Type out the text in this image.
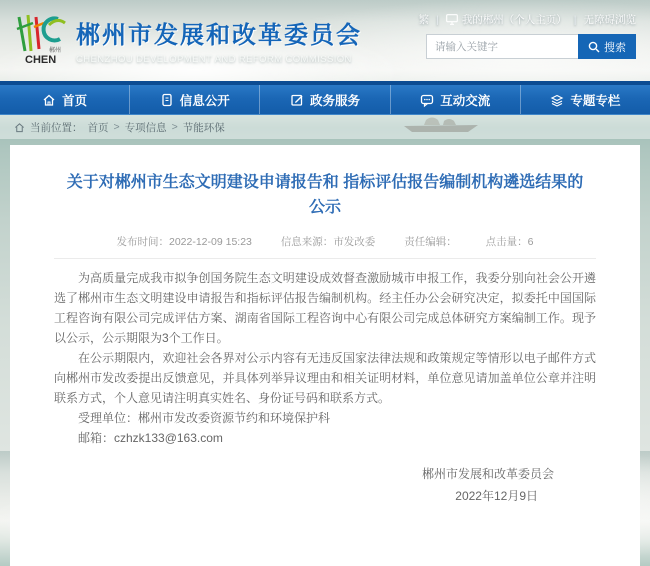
CHEN
郴州
郴州市发展和改革委员会
CHENZHOU DEVELOPMENT AND REFORM COMMISSION
繁 | 我的郴州（个人主页） | 无障碍浏览
请输入关键字
搜索
首页	信息公开	政务服务	互动交流	专题专栏
当前位置： 首页 > 专项信息 > 节能环保
关于对郴州市生态文明建设申请报告和 指标评估报告编制机构遴选结果的公示
发布时间：2022-12-09 15:23	信息来源：市发改委	责任编辑：	点击量：6

为高质量完成我市拟争创国务院生态文明建设成效督查激励城市申报工作，我委分别向社会公开遴选了郴州市生态文明建设申请报告和指标评估报告编制机构。经主任办公会研究决定，拟委托中国国际工程咨询有限公司完成评估方案、湖南省国际工程咨询中心有限公司完成总体研究方案编制工作。现予以公示，公示期限为3个工作日。

在公示期限内，欢迎社会各界对公示内容有无违反国家法律法规和政策规定等情形以电子邮件方式向郴州市发改委提出反馈意见，并具体列举异议理由和相关证明材料，单位意见请加盖单位公章并注明联系方式，个人意见请注明真实姓名、身份证号码和联系方式。

受理单位：郴州市发改委资源节约和环境保护科

邮箱：czhzk133@163.com

郴州市发展和改革委员会
2022年12月9日
